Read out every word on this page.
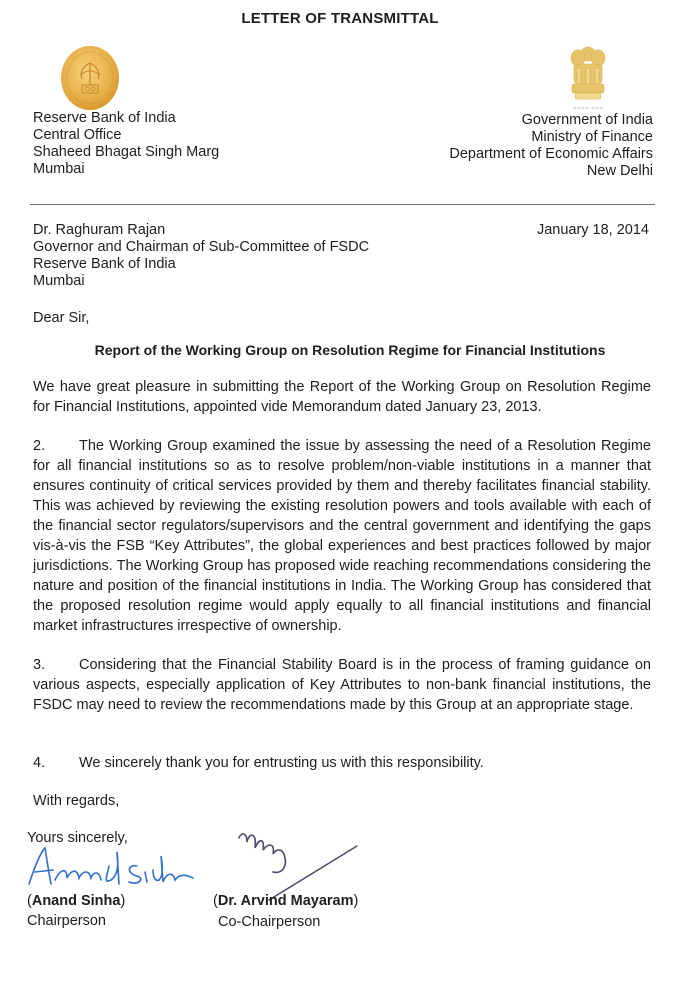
LETTER OF TRANSMITTAL
~~~~ ~~~
Reserve Bank of India
Central Office
Shaheed Bhagat Singh Marg
Mumbai
Government of India
Ministry of Finance
Department of Economic Affairs
New Delhi
Dr. Raghuram Rajan
Governor and Chairman of Sub-Committee of FSDC
Reserve Bank of India
Mumbai
January 18, 2014
Dear Sir,
Report of the Working Group on Resolution Regime for Financial Institutions
We have great pleasure in submitting the Report of the Working Group on Resolution Regime for Financial Institutions, appointed vide Memorandum dated January 23, 2013.
2. The Working Group examined the issue by assessing the need of a Resolution Regime for all financial institutions so as to resolve problem/non-viable institutions in a manner that ensures continuity of critical services provided by them and thereby facilitates financial stability. This was achieved by reviewing the existing resolution powers and tools available with each of the financial sector regulators/supervisors and the central government and identifying the gaps vis-à-vis the FSB “Key Attributes”, the global experiences and best practices followed by major jurisdictions. The Working Group has proposed wide reaching recommendations considering the nature and position of the financial institutions in India. The Working Group has considered that the proposed resolution regime would apply equally to all financial institutions and financial market infrastructures irrespective of ownership.
3. Considering that the Financial Stability Board is in the process of framing guidance on various aspects, especially application of Key Attributes to non-bank financial institutions, the FSDC may need to review the recommendations made by this Group at an appropriate stage.
4. We sincerely thank you for entrusting us with this responsibility.
With regards,
Yours sincerely,
(Anand Sinha)
Chairperson
(Dr. Arvind Mayaram)
Co-Chairperson
